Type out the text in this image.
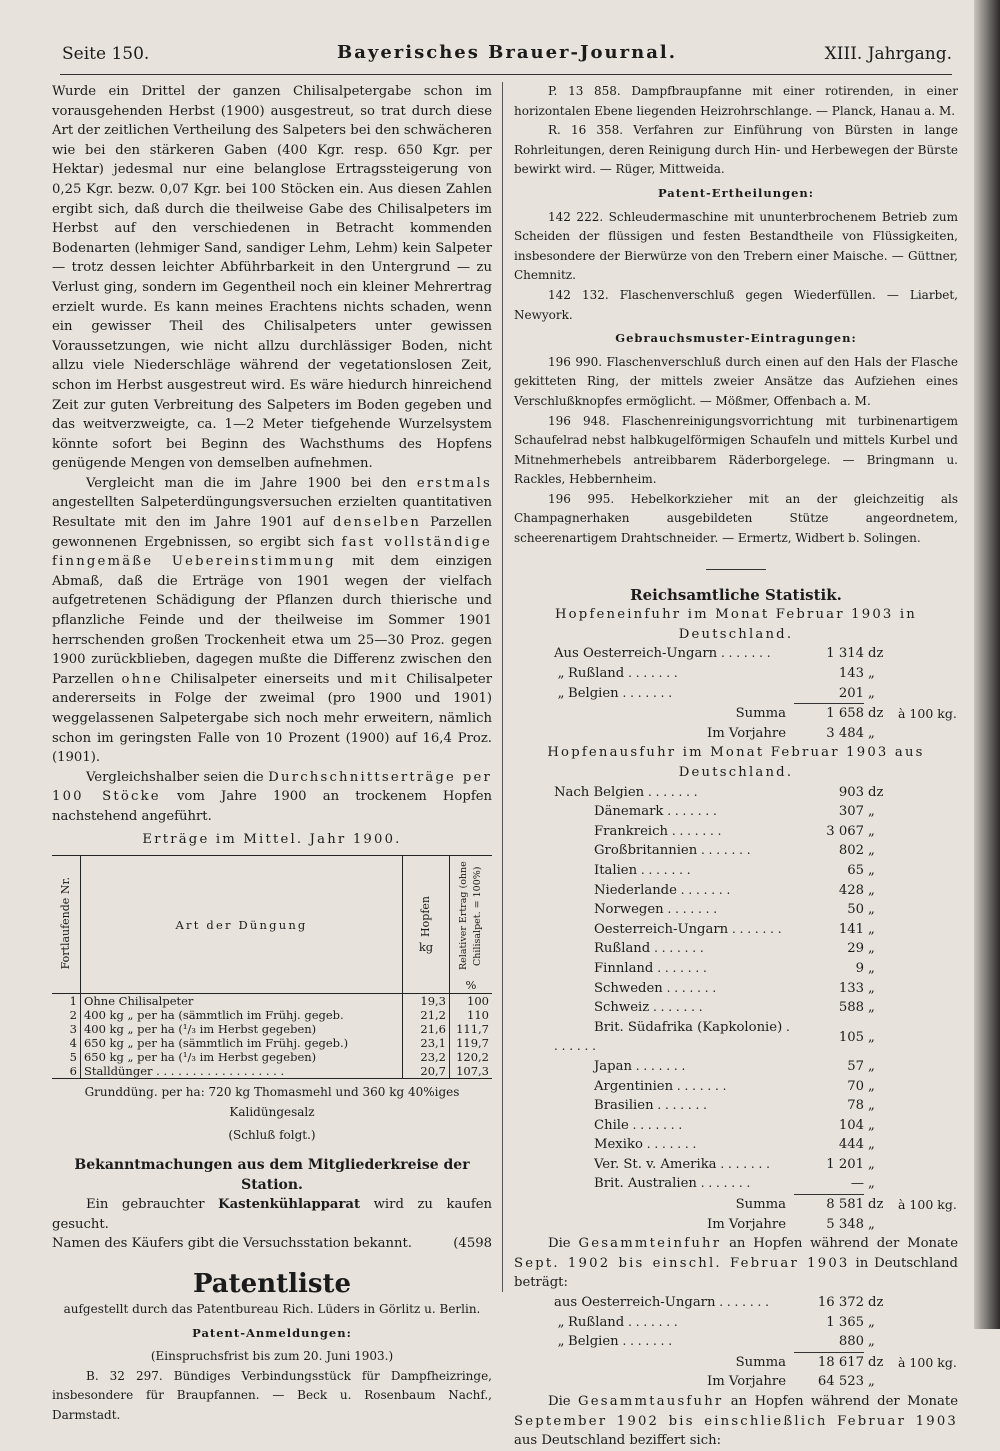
Seite 150.	Bayerisches Brauer-Journal.	XIII. Jahrgang.

Wurde ein Drittel der ganzen Chilisalpetergabe schon im vorausgehenden Herbst (1900) ausgestreut, so trat durch diese Art der zeitlichen Vertheilung des Salpeters bei den schwächeren wie bei den stärkeren Gaben (400 Kgr. resp. 650 Kgr. per Hektar) jedesmal nur eine belanglose Ertragssteigerung von 0,25 Kgr. bezw. 0,07 Kgr. bei 100 Stöcken ein. Aus diesen Zahlen ergibt sich, daß durch die theilweise Gabe des Chilisalpeters im Herbst auf den verschiedenen in Betracht kommenden Bodenarten (lehmiger Sand, sandiger Lehm, Lehm) kein Salpeter — trotz dessen leichter Abführbarkeit in den Untergrund — zu Verlust ging, sondern im Gegentheil noch ein kleiner Mehrertrag erzielt wurde. Es kann meines Erachtens nichts schaden, wenn ein gewisser Theil des Chilisalpeters unter gewissen Voraussetzungen, wie nicht allzu durchlässiger Boden, nicht allzu viele Niederschläge während der vegetationslosen Zeit, schon im Herbst ausgestreut wird. Es wäre hiedurch hinreichend Zeit zur guten Verbreitung des Salpeters im Boden gegeben und das weitverzweigte, ca. 1—2 Meter tiefgehende Wurzelsystem könnte sofort bei Beginn des Wachsthums des Hopfens genügende Mengen von demselben aufnehmen.

Vergleicht man die im Jahre 1900 bei den erstmals angestellten Salpeterdüngungsversuchen erzielten quantitativen Resultate mit den im Jahre 1901 auf denselben Parzellen gewonnenen Ergebnissen, so ergibt sich fast vollständige finngemäße Uebereinstimmung mit dem einzigen Abmaß, daß die Erträge von 1901 wegen der vielfach aufgetretenen Schädigung der Pflanzen durch thierische und pflanzliche Feinde und der theilweise im Sommer 1901 herrschenden großen Trockenheit etwa um 25—30 Proz. gegen 1900 zurückblieben, dagegen mußte die Differenz zwischen den Parzellen ohne Chilisalpeter einerseits und mit Chilisalpeter andererseits in Folge der zweimal (pro 1900 und 1901) weggelassenen Salpetergabe sich noch mehr erweitern, nämlich schon im geringsten Falle von 10 Prozent (1900) auf 16,4 Proz. (1901).

Vergleichshalber seien die Durchschnittserträge per 100 Stöcke vom Jahre 1900 an trockenem Hopfen nachstehend angeführt.

Erträge im Mittel. Jahr 1900.

Fortlaufende Nr.	Art der Düngung	Hopfen
kg	Relativer Ertrag (ohne Chilisalpet. = 100%)
%
1	Ohne Chilisalpeter	19,3	100
2	400 kg „ per ha (sämmtlich im Frühj. gegeb.	21,2	110
3	400 kg „ per ha (¹/₃ im Herbst gegeben)	21,6	111,7
4	650 kg „ per ha (sämmtlich im Frühj. gegeb.)	23,1	119,7
5	650 kg „ per ha (¹/₃ im Herbst gegeben)	23,2	120,2
6	Stalldünger . . . . . . . . . . . . . . . . . .	20,7	107,3

Grunddüng. per ha: 720 kg Thomasmehl und 360 kg 40%iges Kalidüngesalz

(Schluß folgt.)

Bekanntmachungen aus dem Mitgliederkreise der Station.

Ein gebrauchter Kastenkühlapparat wird zu kaufen gesucht.

Namen des Käufers gibt die Versuchsstation bekannt.	(4598

Patentliste

aufgestellt durch das Patentbureau Rich. Lüders in Görlitz u. Berlin.

Patent-Anmeldungen:

(Einspruchsfrist bis zum 20. Juni 1903.)

B. 32 297. Bündiges Verbindungsstück für Dampfheizringe, insbesondere für Braupfannen. — Beck u. Rosenbaum Nachf., Darmstadt.

P. 13 858. Dampfbraupfanne mit einer rotirenden, in einer horizontalen Ebene liegenden Heizrohrschlange. — Planck, Hanau a. M.

R. 16 358. Verfahren zur Einführung von Bürsten in lange Rohrleitungen, deren Reinigung durch Hin- und Herbewegen der Bürste bewirkt wird. — Rüger, Mittweida.

Patent-Ertheilungen:

142 222. Schleudermaschine mit ununterbrochenem Betrieb zum Scheiden der flüssigen und festen Bestandtheile von Flüssigkeiten, insbesondere der Bierwürze von den Trebern einer Maische. — Güttner, Chemnitz.

142 132. Flaschenverschluß gegen Wiederfüllen. — Liarbet, Newyork.

Gebrauchsmuster-Eintragungen:

196 990. Flaschenverschluß durch einen auf den Hals der Flasche gekitteten Ring, der mittels zweier Ansätze das Aufziehen eines Verschlußknopfes ermöglicht. — Mößmer, Offenbach a. M.

196 948. Flaschenreinigungsvorrichtung mit turbinenartigem Schaufelrad nebst halbkugelförmigen Schaufeln und mittels Kurbel und Mitnehmerhebels antreibbarem Räderborgelege. — Bringmann u. Rackles, Hebbernheim.

196 995. Hebelkorkzieher mit an der gleichzeitig als Champagnerhaken ausgebildeten Stütze angeordnetem, scheerenartigem Drahtschneider. — Ermertz, Widbert b. Solingen.

Reichsamtliche Statistik.

Hopfeneinfuhr im Monat Februar 1903 in Deutschland.

Aus Oesterreich-Ungarn . . . . . . .	1 314	dz	
„Rußland . . . . . . .	143	„	
„Belgien . . . . . . .	201	„	
Summa	1 658	dz	à 100 kg.
Im Vorjahre	3 484	„	

Hopfenausfuhr im Monat Februar 1903 aus Deutschland.

Nach Belgien . . . . . . .	903	dz	
Dänemark . . . . . . .	307	„	
Frankreich . . . . . . .	3 067	„	
Großbritannien . . . . . . .	802	„	
Italien . . . . . . .	65	„	
Niederlande . . . . . . .	428	„	
Norwegen . . . . . . .	50	„	
Oesterreich-Ungarn . . . . . . .	141	„	
Rußland . . . . . . .	29	„	
Finnland . . . . . . .	9	„	
Schweden . . . . . . .	133	„	
Schweiz . . . . . . .	588	„	
Brit. Südafrika (Kapkolonie) . . . . . . .	105	„	
Japan . . . . . . .	57	„	
Argentinien . . . . . . .	70	„	
Brasilien . . . . . . .	78	„	
Chile . . . . . . .	104	„	
Mexiko . . . . . . .	444	„	
Ver. St. v. Amerika . . . . . . .	1 201	„	
Brit. Australien . . . . . . .	—	„	
Summa	8 581	dz	à 100 kg.
Im Vorjahre	5 348	„	

Die Gesammteinfuhr an Hopfen während der Monate Sept. 1902 bis einschl. Februar 1903 in Deutschland beträgt:

aus Oesterreich-Ungarn . . . . . . .	16 372	dz	
„Rußland . . . . . . .	1 365	„	
„Belgien . . . . . . .	880	„	
Summa	18 617	dz	à 100 kg.
Im Vorjahre	64 523	„	

Die Gesammtausfuhr an Hopfen während der Monate September 1902 bis einschließlich Februar 1903 aus Deutschland beziffert sich:
